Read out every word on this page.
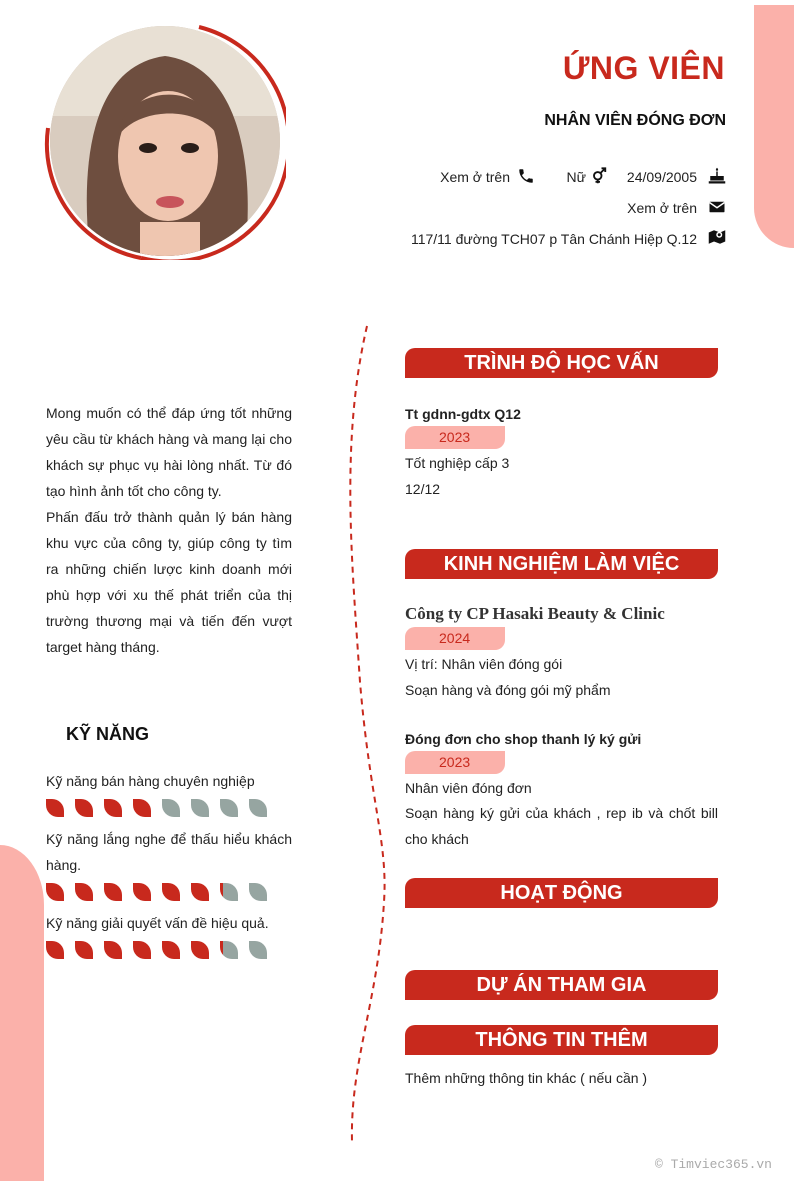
ỨNG VIÊN
NHÂN VIÊN ĐÓNG ĐƠN
Xem ở trên	Nữ	24/09/2005
Xem ở trên
117/11 đường TCH07 p Tân Chánh Hiệp Q.12

Mong muốn có thể đáp ứng tốt những yêu cầu từ khách hàng và mang lại cho khách sự phục vụ hài lòng nhất. Từ đó tạo hình ảnh tốt cho công ty.

Phấn đấu trở thành quản lý bán hàng khu vực của công ty, giúp công ty tìm ra những chiến lược kinh doanh mới phù hợp với xu thế phát triển của thị trường thương mại và tiến đến vượt target hàng tháng.

KỸ NĂNG
Kỹ năng bán hàng chuyên nghiệp
Kỹ năng lắng nghe để thấu hiểu khách hàng.
Kỹ năng giải quyết vấn đề hiệu quả.
TRÌNH ĐỘ HỌC VẤN
Tt gdnn-gdtx Q12
2023
Tốt nghiệp cấp 3
12/12
KINH NGHIỆM LÀM VIỆC
Công ty CP Hasaki Beauty & Clinic
2024
Vị trí: Nhân viên đóng gói
Soạn hàng và đóng gói mỹ phẩm
Đóng đơn cho shop thanh lý ký gửi
2023
Nhân viên đóng đơn
Soạn hàng ký gửi của khách , rep ib và chốt bill cho khách
HOẠT ĐỘNG
DỰ ÁN THAM GIA
THÔNG TIN THÊM
Thêm những thông tin khác ( nếu cần )
© Timviec365.vn
